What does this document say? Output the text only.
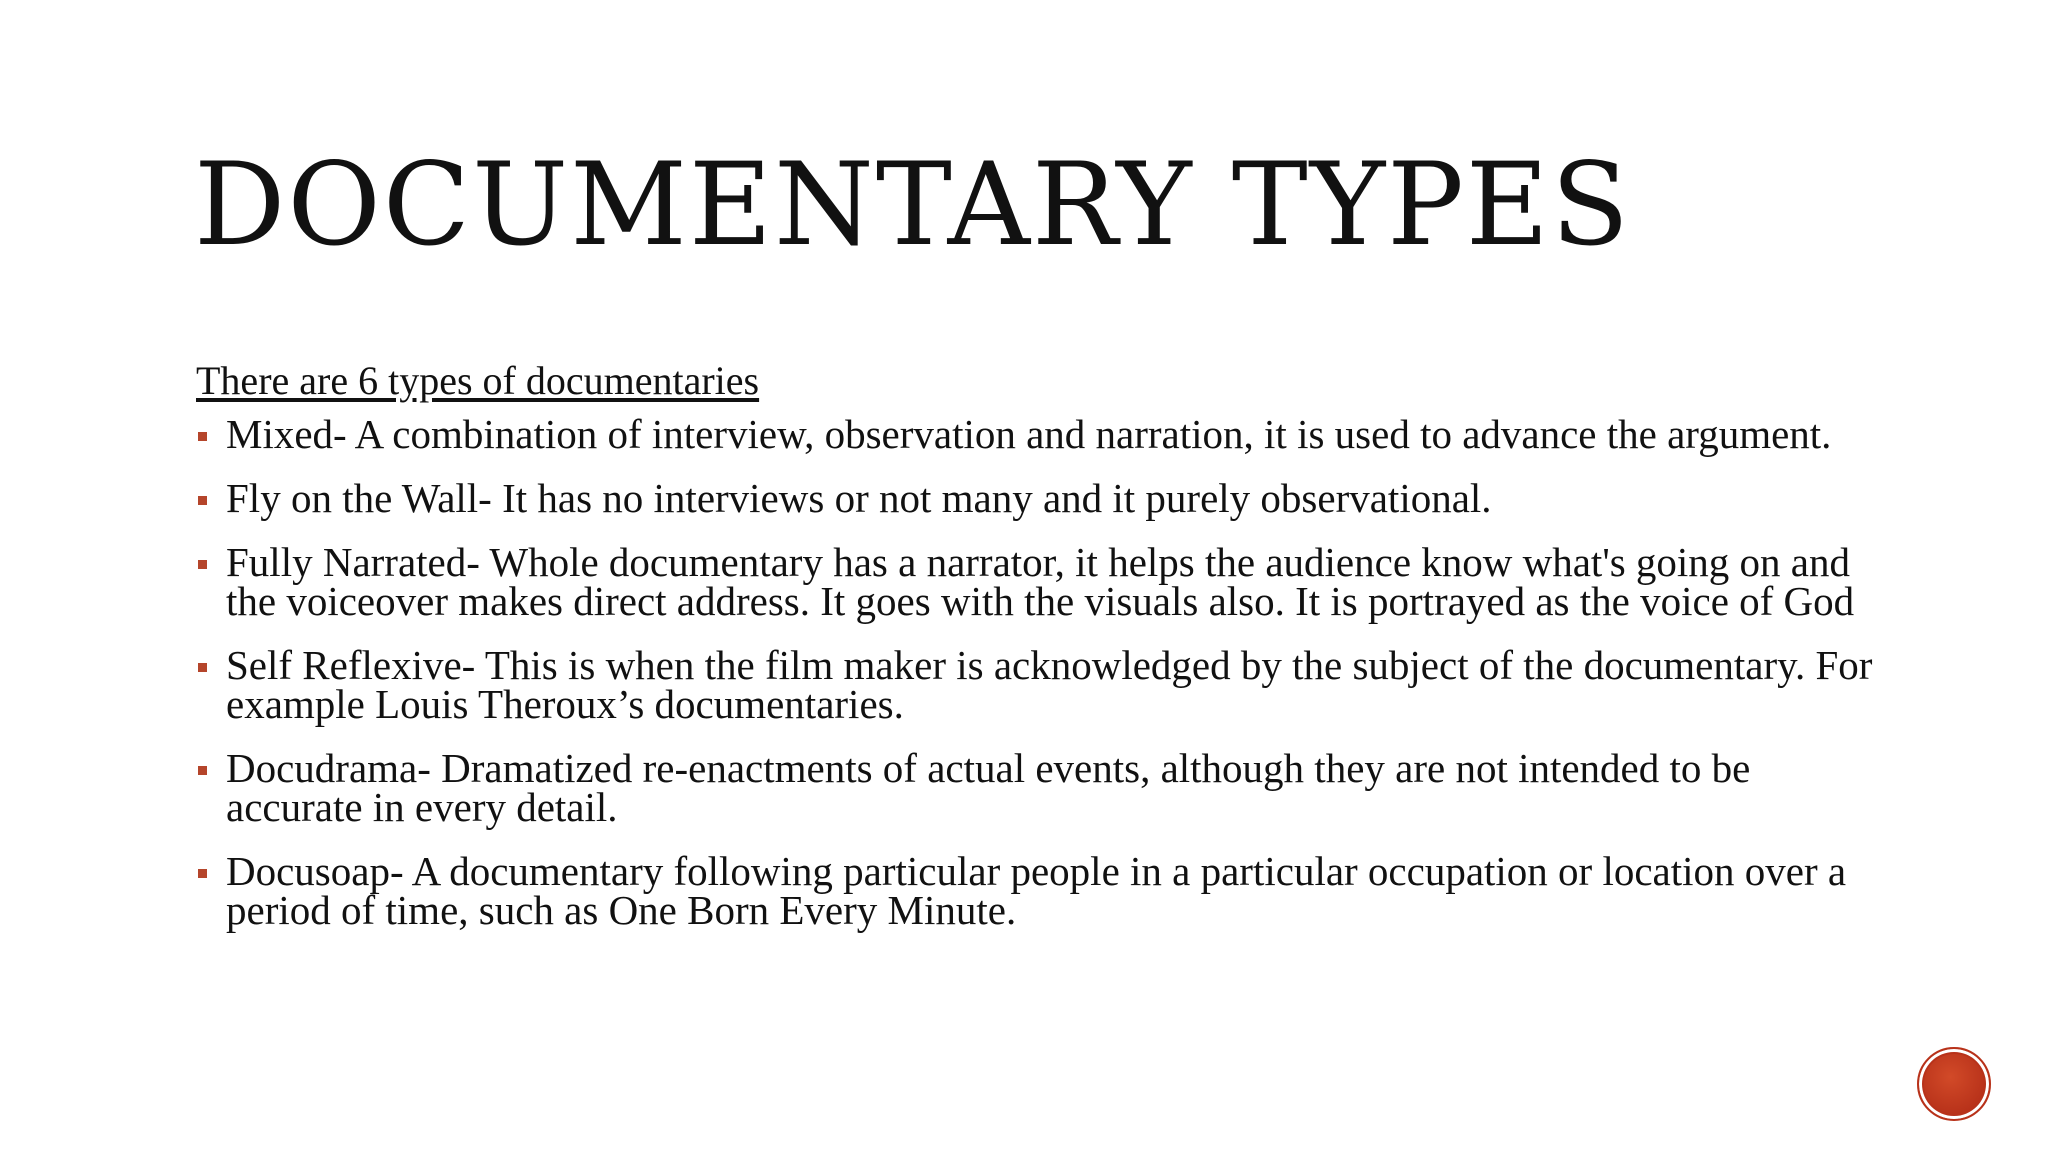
DOCUMENTARY TYPES

There are 6 types of documentaries

Mixed- A combination of interview, observation and narration, it is used to advance the argument.
Fly on the Wall- It has no interviews or not many and it purely observational.
Fully Narrated- Whole documentary has a narrator, it helps the audience know what's going on and the voiceover makes direct address. It goes with the visuals also. It is portrayed as the voice of God
Self Reflexive- This is when the film maker is acknowledged by the subject of the documentary. For example Louis Theroux’s documentaries.
Docudrama- Dramatized re-enactments of actual events, although they are not intended to be accurate in every detail.
Docusoap- A documentary following particular people in a particular occupation or location over a period of time, such as One Born Every Minute.
